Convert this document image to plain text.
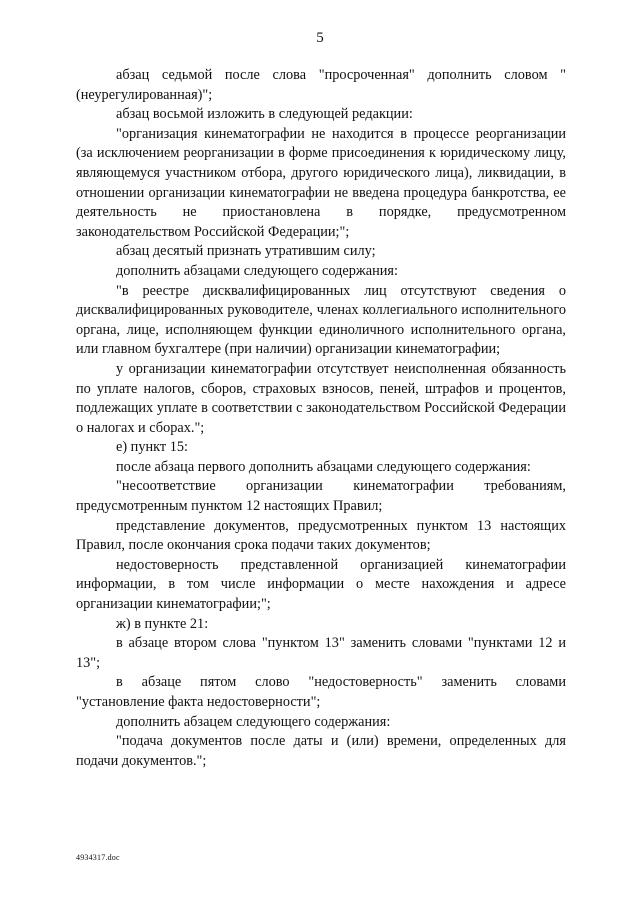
5

абзац седьмой после слова "просроченная" дополнить словом "(неурегулированная)";

абзац восьмой изложить в следующей редакции:

"организация кинематографии не находится в процессе реорганизации (за исключением реорганизации в форме присоединения к юридическому лицу, являющемуся участником отбора, другого юридического лица), ликвидации, в отношении организации кинематографии не введена процедура банкротства, ее деятельность не приостановлена в порядке, предусмотренном законодательством Российской Федерации;";

абзац десятый признать утратившим силу;

дополнить абзацами следующего содержания:

"в реестре дисквалифицированных лиц отсутствуют сведения о дисквалифицированных руководителе, членах коллегиального исполнительного органа, лице, исполняющем функции единоличного исполнительного органа, или главном бухгалтере (при наличии) организации кинематографии;

у организации кинематографии отсутствует неисполненная обязанность по уплате налогов, сборов, страховых взносов, пеней, штрафов и процентов, подлежащих уплате в соответствии с законодательством Российской Федерации о налогах и сборах.";

е) пункт 15:

после абзаца первого дополнить абзацами следующего содержания:

"несоответствие организации кинематографии требованиям, предусмотренным пунктом 12 настоящих Правил;

представление документов, предусмотренных пунктом 13 настоящих Правил, после окончания срока подачи таких документов;

недостоверность представленной организацией кинематографии информации, в том числе информации о месте нахождения и адресе организации кинематографии;";

ж) в пункте 21:

в абзаце втором слова "пунктом 13" заменить словами "пунктами 12 и 13";

в абзаце пятом слово "недостоверность" заменить словами "установление факта недостоверности";

дополнить абзацем следующего содержания:

"подача документов после даты и (или) времени, определенных для подачи документов.";

4934317.doc
